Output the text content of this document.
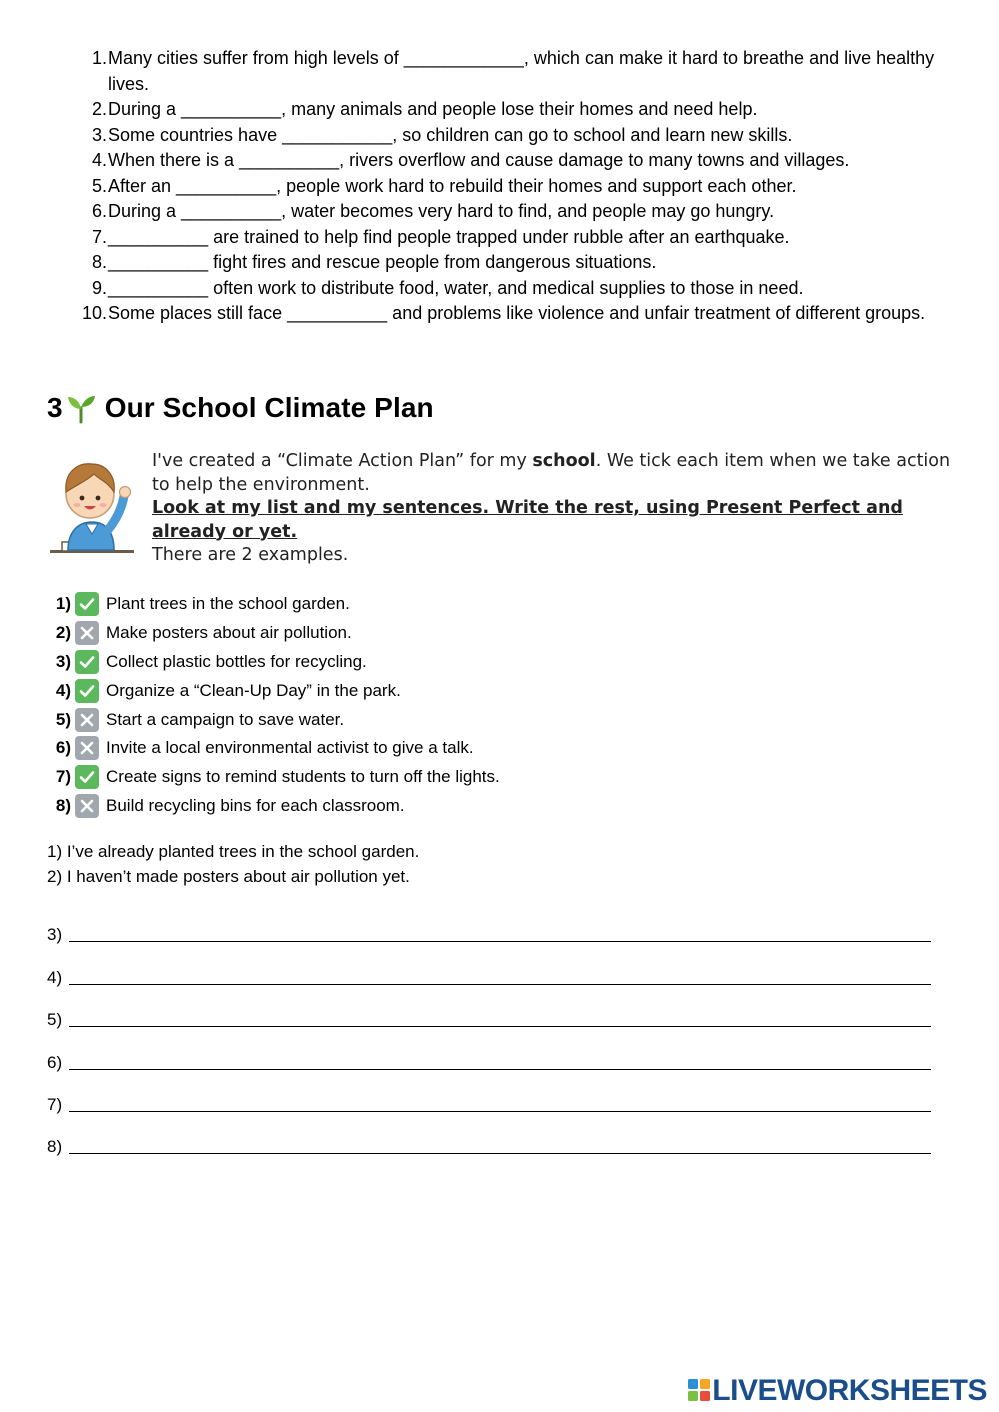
1. Many cities suffer from high levels of ____________, which can make it hard to breathe and live healthy lives.
2. During a __________, many animals and people lose their homes and need help.
3. Some countries have ___________, so children can go to school and learn new skills.
4. When there is a __________, rivers overflow and cause damage to many towns and villages.
5. After an __________, people work hard to rebuild their homes and support each other.
6. During a __________, water becomes very hard to find, and people may go hungry.
7. __________ are trained to help find people trapped under rubble after an earthquake.
8. __________ fight fires and rescue people from dangerous situations.
9. __________ often work to distribute food, water, and medical supplies to those in need.
10. Some places still face __________ and problems like violence and unfair treatment of different groups.
3 Our School Climate Plan

I've created a “Climate Action Plan” for my school. We tick each item when we take action to help the environment.

Look at my list and my sentences. Write the rest, using Present Perfect and already or yet.

There are 2 examples.

1) Plant trees in the school garden.
2) Make posters about air pollution.
3) Collect plastic bottles for recycling.
4) Organize a “Clean-Up Day” in the park.
5) Start a campaign to save water.
6) Invite a local environmental activist to give a talk.
7) Create signs to remind students to turn off the lights.
8) Build recycling bins for each classroom.
1) I’ve already planted trees in the school garden.
2) I haven’t made posters about air pollution yet.
3)
4)
5)
6)
7)
8)
LIVEWORKSHEETS
